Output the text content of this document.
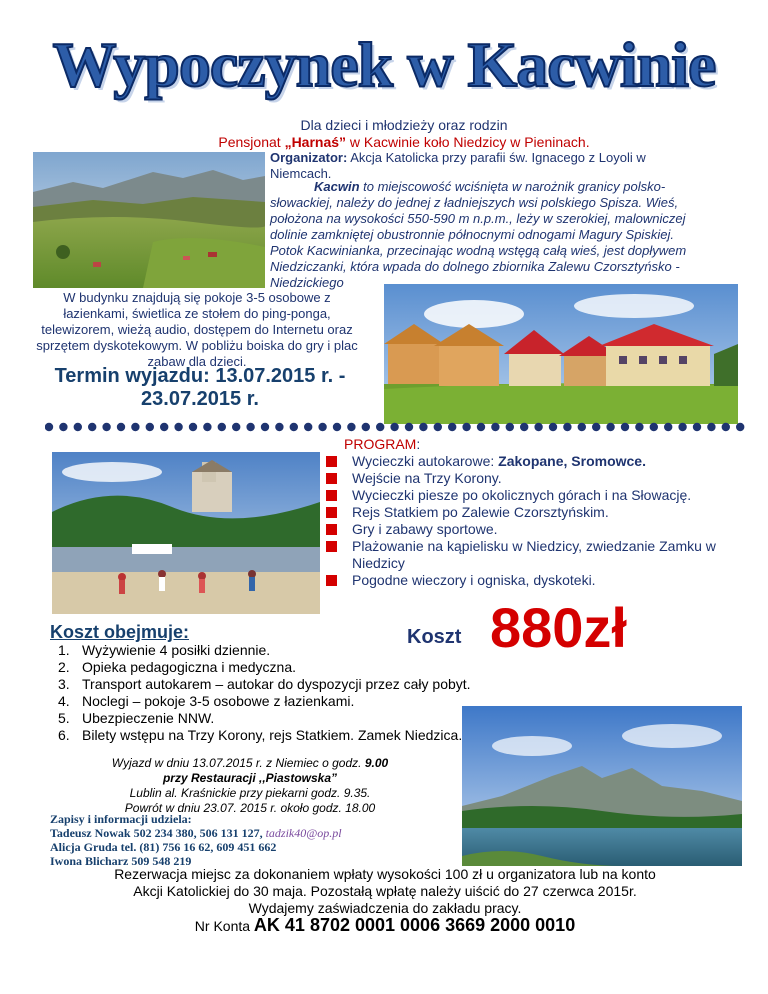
Wypoczynek w Kacwinie
Dla dzieci i młodzieży oraz rodzin
Pensjonat „Harnaś” w Kacwinie koło Niedzicy w Pieninach.
Organizator: Akcja Katolicka przy parafii św. Ignacego z Loyoli w Niemcach.
Kacwin to miejscowość wciśnięta w narożnik granicy polsko-słowackiej, należy do jednej z ładniejszych wsi polskiego Spisza. Wieś, położona na wysokości 550-590 m n.p.m., leży w szerokiej, malowniczej dolinie zamkniętej obustronnie północnymi odnogami Magury Spiskiej. Potok Kacwinianka, przecinając wodną wstęgą całą wieś, jest dopływem Niedziczanki, która wpada do dolnego zbiornika Zalewu Czorsztyńsko - Niedzickiego
W budynku znajdują się pokoje 3-5 osobowe z łazienkami, świetlica ze stołem do ping-ponga, telewizorem, wieżą audio, dostępem do Internetu oraz sprzętem dyskotekowym. W pobliżu boiska do gry i plac zabaw dla dzieci.
Termin wyjazdu: 13.07.2015 r. - 23.07.2015 r.
PROGRAM:
Wycieczki autokarowe: Zakopane, Sromowce.
Wejście na Trzy Korony.
Wycieczki piesze po okolicznych górach i na Słowację.
Rejs Statkiem po Zalewie Czorsztyńskim.
Gry i zabawy sportowe.
Plażowanie na kąpielisku w Niedzicy, zwiedzanie Zamku w Niedzicy
Pogodne wieczory i ogniska, dyskoteki.
Koszt obejmuje:	Koszt 880zł
1. Wyżywienie 4 posiłki dziennie.
2. Opieka pedagogiczna i medyczna.
3. Transport autokarem – autokar do dyspozycji przez cały pobyt.
4. Noclegi – pokoje 3-5 osobowe z łazienkami.
5. Ubezpieczenie NNW.
6. Bilety wstępu na Trzy Korony, rejs Statkiem. Zamek Niedzica.
Wyjazd w dniu 13.07.2015 r. z Niemiec o godz. 9.00
przy Restauracji ,,Piastowska”
Lublin al. Kraśnickie przy piekarni godz. 9.35.
Powrót w dniu 23.07. 2015 r. około godz. 18.00
Zapisy i informacji udziela:
Tadeusz Nowak 502 234 380, 506 131 127, tadzik40@op.pl
Alicja Gruda tel. (81) 756 16 62, 609 451 662
Iwona Blicharz 509 548 219
Rezerwacja miejsc za dokonaniem wpłaty wysokości 100 zł u organizatora lub na konto
Akcji Katolickiej do 30 maja. Pozostałą wpłatę należy uiścić do 27 czerwca 2015r.
Wydajemy zaświadczenia do zakładu pracy.
Nr Konta AK 41 8702 0001 0006 3669 2000 0010
